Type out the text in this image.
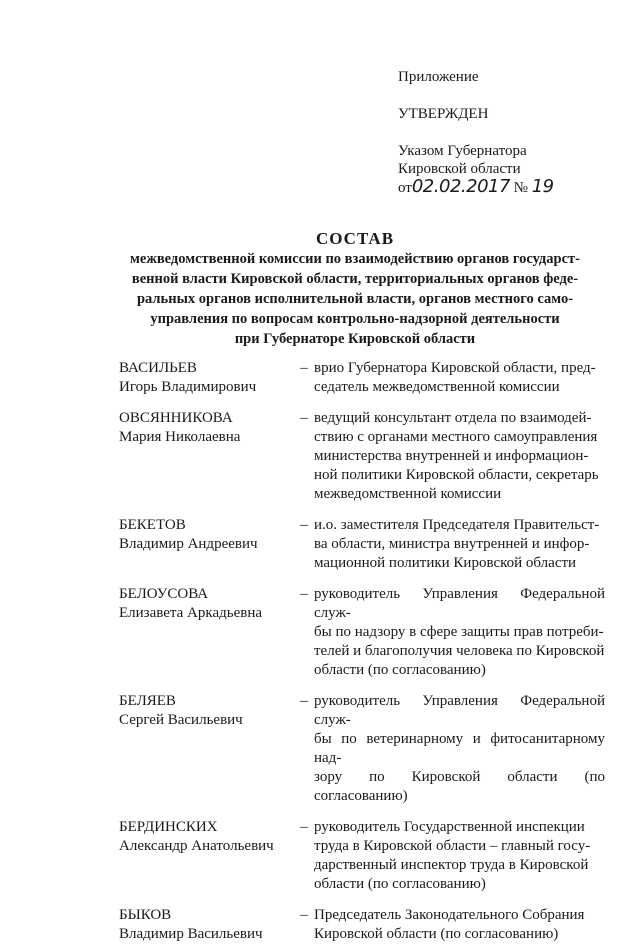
Приложение
УТВЕРЖДЕН
Указом Губернатора
Кировской области
от02.02.2017 № 19
СОСТАВ
межведомственной комиссии по взаимодействию органов государст-
венной власти Кировской области, территориальных органов феде-
ральных органов исполнительной власти, органов местного само-
управления по вопросам контрольно-надзорной деятельности
при Губернаторе Кировской области
ВАСИЛЬЕВ
Игорь Владимирович
– врио Губернатора Кировской области, пред-
седатель межведомственной комиссии
ОВСЯННИКОВА
Мария Николаевна
– ведущий консультант отдела по взаимодей-
ствию с органами местного самоуправления
министерства внутренней и информацион-
ной политики Кировской области, секретарь
межведомственной комиссии
БЕКЕТОВ
Владимир Андреевич
– и.о. заместителя Председателя Правительст-
ва области, министра внутренней и инфор-
мационной политики Кировской области
БЕЛОУСОВА
Елизавета Аркадьевна
– руководитель Управления Федеральной служ-
бы по надзору в сфере защиты прав потреби-
телей и благополучия человека по Кировской
области (по согласованию)
БЕЛЯЕВ
Сергей Васильевич
– руководитель Управления Федеральной служ-
бы по ветеринарному и фитосанитарному над-
зору по Кировской области (по согласованию)
БЕРДИНСКИХ
Александр Анатольевич
– руководитель Государственной инспекции
труда в Кировской области – главный госу-
дарственный инспектор труда в Кировской
области (по согласованию)
БЫКОВ
Владимир Васильевич
– Председатель Законодательного Собрания
Кировской области (по согласованию)
